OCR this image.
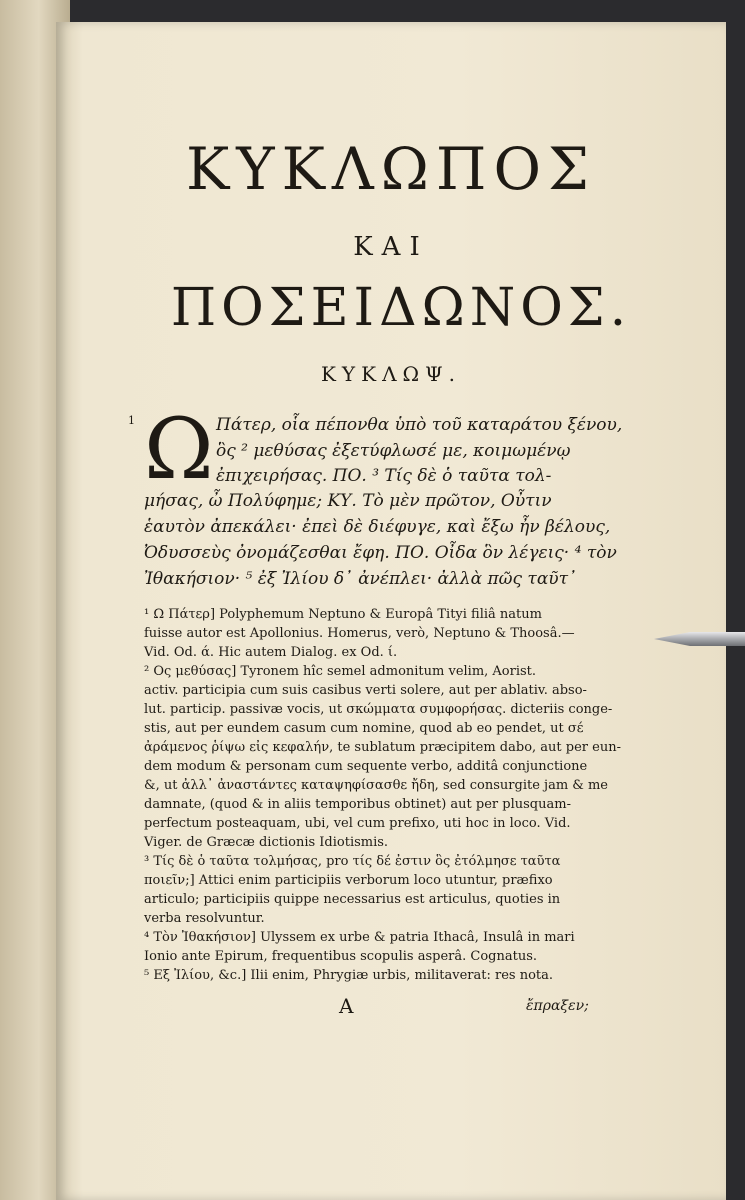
ΚΥΚΛΩΠΟΣ
ΚΑΙ
ΠΟΣΕΙΔΩΝΟΣ.
ΚΥΚΛΩΨ.
1 Ω Πάτερ, οἷα πέπονθα ὑπὸ τοῦ καταράτου ξένου,
ὃς ² μεθύσας ἐξετύφλωσέ με, κοιμωμένῳ
ἐπιχειρήσας. ΠΟ. ³ Τίς δὲ ὁ ταῦτα τολ-
μήσας, ὦ Πολύφημε; ΚΥ. Τὸ μὲν πρῶτον, Οὖτιν
ἑαυτὸν ἀπεκάλει· ἐπεὶ δὲ διέφυγε, καὶ ἔξω ἦν βέλους,
Ὀδυσσεὺς ὀνομάζεσθαι ἔφη. ΠΟ. Οἶδα ὃν λέγεις· ⁴ τὸν
Ἰθακήσιον· ⁵ ἐξ Ἰλίου δ᾽ ἀνέπλει· ἀλλὰ πῶς ταῦτ᾽
¹ Ω Πάτερ] Polyphemum Neptuno & Europâ Tityi filiâ natum
fuisse autor est Apollonius. Homerus, verò, Neptuno & Thoosâ.—
Vid. Od. ά. Hic autem Dialog. ex Od. ί.
² Ος μεθύσας] Tyronem hîc semel admonitum velim, Aorist.
activ. participia cum suis casibus verti solere, aut per ablativ. abso-
lut. particip. passivæ vocis, ut σκώμματα συμφορήσας. dicteriis conge-
stis, aut per eundem casum cum nomine, quod ab eo pendet, ut σέ
ἀράμενος ῥίψω εἰς κεφαλήν, te sublatum præcipitem dabo, aut per eun-
dem modum & personam cum sequente verbo, additâ conjunctione
&, ut ἀλλ᾽ ἀναστάντες καταψηφίσασθε ἤδη, sed consurgite jam & me
damnate, (quod & in aliis temporibus obtinet) aut per plusquam-
perfectum posteaquam, ubi, vel cum prefixo, uti hoc in loco. Vid.
Viger. de Græcæ dictionis Idiotismis.
³ Τίς δὲ ὁ ταῦτα τολμήσας, pro τίς δέ ἐστιν ὃς ἐτόλμησε ταῦτα
ποιεῖν;] Attici enim participiis verborum loco utuntur, præfixo
articulo; participiis quippe necessarius est articulus, quoties in
verba resolvuntur.
⁴ Τὸν Ἰθακήσιον] Ulyssem ex urbe & patria Ithacâ, Insulâ in mari
Ionio ante Epirum, frequentibus scopulis asperâ. Cognatus.
⁵ Εξ Ἰλίου, &c.] Ilii enim, Phrygiæ urbis, militaverat: res nota.
A	ἔπραξεν;
